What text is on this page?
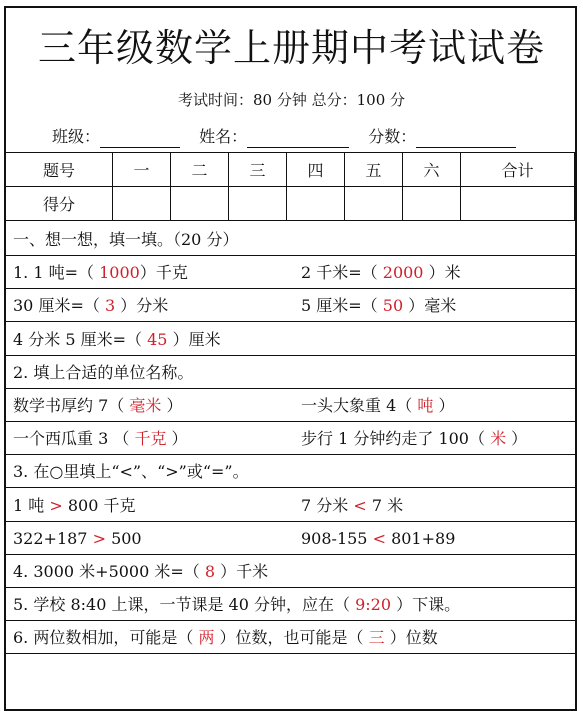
三年级数学上册期中考试试卷
考试时间：80 分钟 总分：100 分
班级：	姓名：	分数：
题号	一	二	三	四	五	六	合计
得分							
一、想一想，填一填。（20 分）
1. 1 吨=（ 1000）千克	2 千米=（ 2000 ）米
30 厘米=（ 3 ）分米	5 厘米=（ 50 ）毫米
4 分米 5 厘米=（ 45 ）厘米
2. 填上合适的单位名称。
数学书厚约 7（ 毫米 ）	一头大象重 4（ 吨 ）
一个西瓜重 3 （ 千克 ）	步行 1 分钟约走了 100（ 米 ）
3. 在○里填上“<”、“>”或“=”。
1 吨 > 800 千克	7 分米 < 7 米
322+187 > 500	908-155 < 801+89
4. 3000 米+5000 米=（ 8 ）千米
5. 学校 8:40 上课，一节课是 40 分钟，应在（ 9:20 ）下课。
6. 两位数相加，可能是（ 两 ）位数，也可能是（ 三 ）位数
